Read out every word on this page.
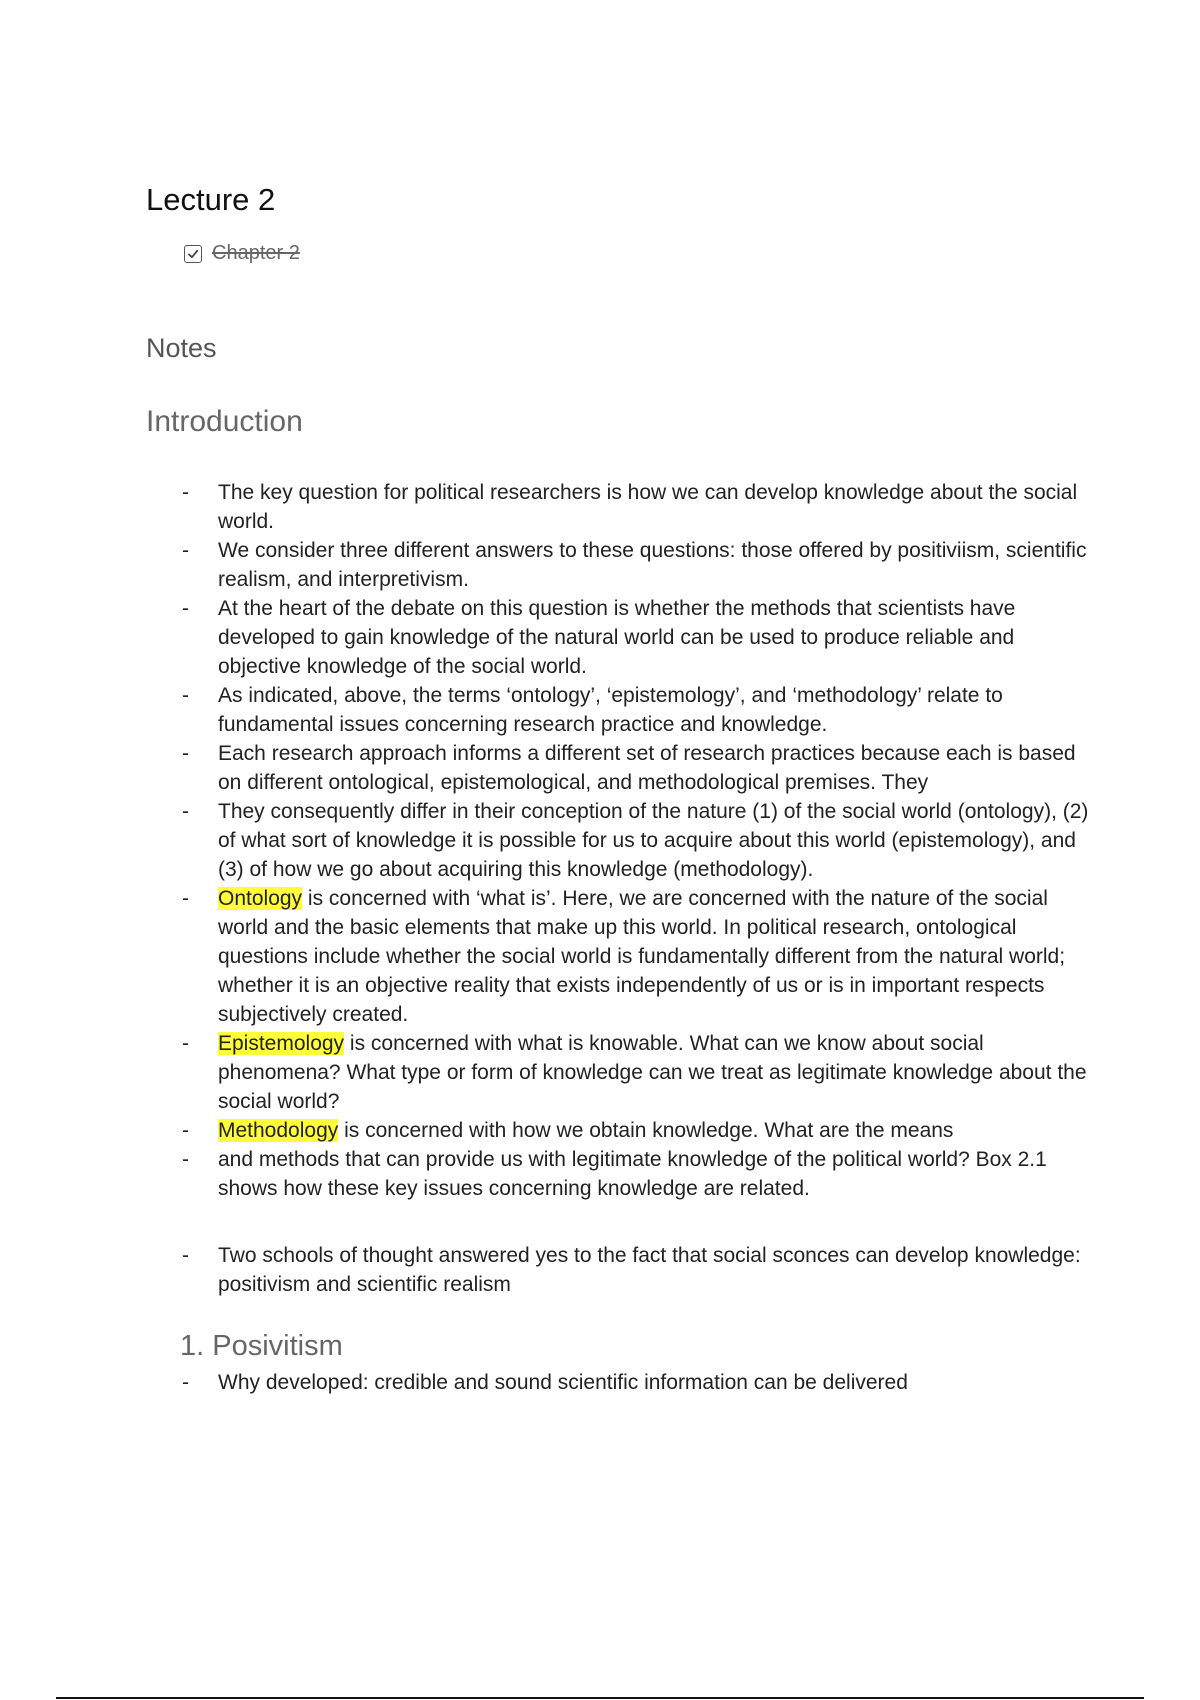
Lecture 2
Chapter 2
Notes
Introduction
- The key question for political researchers is how we can develop knowledge about the social world.
- We consider three different answers to these questions: those offered by positiviism, scientific realism, and interpretivism.
- At the heart of the debate on this question is whether the methods that scientists have developed to gain knowledge of the natural world can be used to produce reliable and objective knowledge of the social world.
- As indicated, above, the terms ‘ontology’, ‘epistemology’, and ‘methodology’ relate to fundamental issues concerning research practice and knowledge.
- Each research approach informs a different set of research practices because each is based on different ontological, epistemological, and methodological premises. They
- They consequently differ in their conception of the nature (1) of the social world (ontology), (2) of what sort of knowledge it is possible for us to acquire about this world (epistemology), and (3) of how we go about acquiring this knowledge (methodology).
- Ontology is concerned with ‘what is’. Here, we are concerned with the nature of the social world and the basic elements that make up this world. In political research, ontological questions include whether the social world is fundamentally different from the natural world; whether it is an objective reality that exists independently of us or is in important respects subjectively created.
- Epistemology is concerned with what is knowable. What can we know about social phenomena? What type or form of knowledge can we treat as legitimate knowledge about the social world?
- Methodology is concerned with how we obtain knowledge. What are the means
- and methods that can provide us with legitimate knowledge of the political world? Box 2.1 shows how these key issues concerning knowledge are related.
- Two schools of thought answered yes to the fact that social sconces can develop knowledge: positivism and scientific realism
1. Posivitism
- Why developed: credible and sound scientific information can be delivered
